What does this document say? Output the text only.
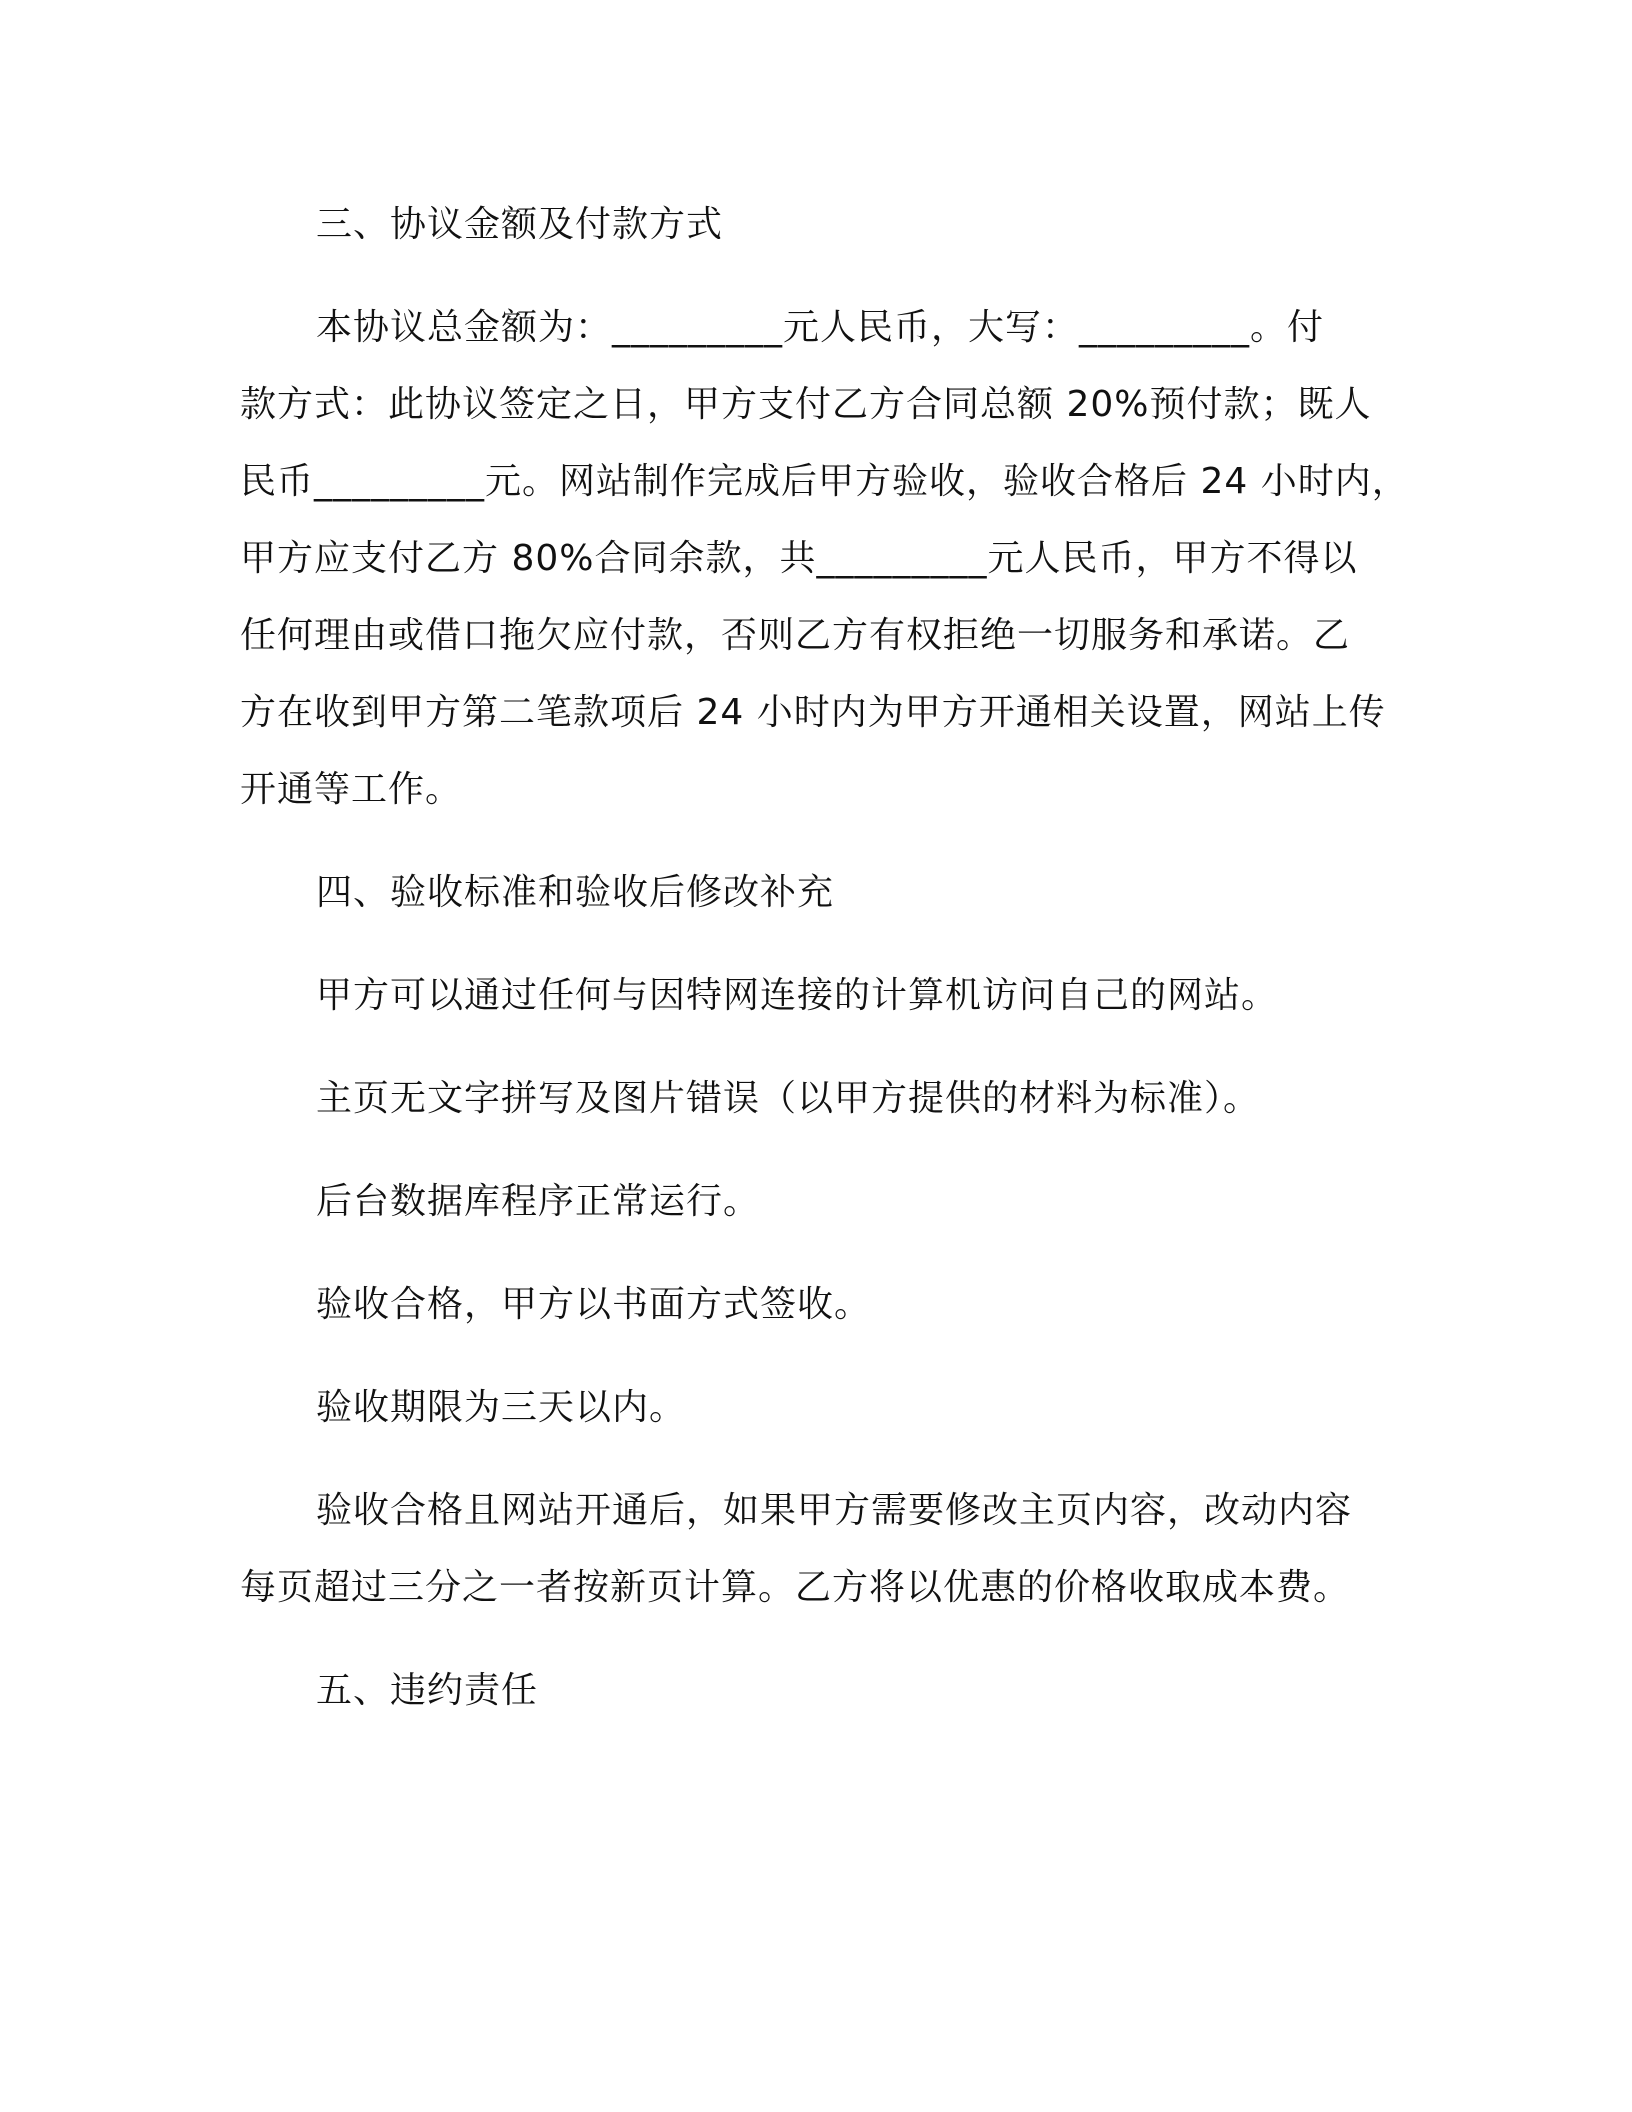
三、协议金额及付款方式

本协议总金额为：_________元人民币，大写：_________。付
款方式：此协议签定之日，甲方支付乙方合同总额 20%预付款；既人
民币_________元。网站制作完成后甲方验收，验收合格后 24 小时内，
甲方应支付乙方 80%合同余款，共_________元人民币，甲方不得以
任何理由或借口拖欠应付款，否则乙方有权拒绝一切服务和承诺。乙
方在收到甲方第二笔款项后 24 小时内为甲方开通相关设置，网站上传
开通等工作。

四、验收标准和验收后修改补充

甲方可以通过任何与因特网连接的计算机访问自己的网站。

主页无文字拼写及图片错误（以甲方提供的材料为标准）。

后台数据库程序正常运行。

验收合格，甲方以书面方式签收。

验收期限为三天以内。

验收合格且网站开通后，如果甲方需要修改主页内容，改动内容
每页超过三分之一者按新页计算。乙方将以优惠的价格收取成本费。

五、违约责任
